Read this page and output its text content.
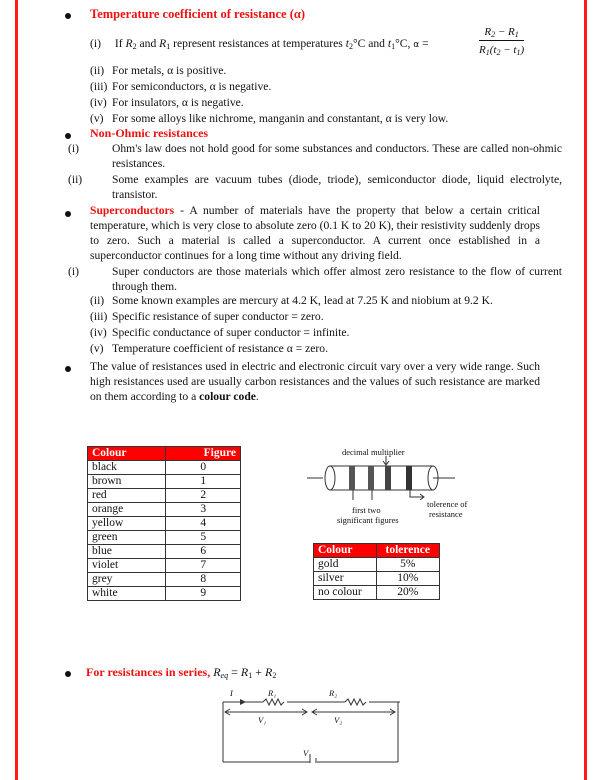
Temperature coefficient of resistance (α)
(i) If $R_2$ and $R_1$ represent resistances at temperatures $t_2^\circ C$ and $t_1^\circ C$, α =	$\frac{R_2 - R_1}{R_1(t_2 - t_1)}$
(ii) For metals, α is positive.
(iii) For semiconductors, α is negative.
(iv) For insulators, α is negative.
(v) For some alloys like nichrome, manganin and constantant, α is very low.
Non-Ohmic resistances
(i)	Ohm's law does not hold good for some substances and conductors. These are called non-ohmic resistances.
(ii)	Some examples are vacuum tubes (diode, triode), semiconductor diode, liquid electrolyte, transistor.
Superconductors - A number of materials have the property that below a certain critical temperature, which is very close to absolute zero (0.1 K to 20 K), their resistivity suddenly drops to zero. Such a material is called a superconductor. A current once established in a superconductor continues for a long time without any driving field.
(i)	Super conductors are those materials which offer almost zero resistance to the flow of current through them.
(ii) Some known examples are mercury at 4.2 K, lead at 7.25 K and niobium at 9.2 K.
(iii) Specific resistance of super conductor = zero.
(iv) Specific conductance of super conductor = infinite.
(v) Temperature coefficient of resistance α = zero.
The value of resistances used in electric and electronic circuit vary over a very wide range. Such high resistances used are usually carbon resistances and the values of such resistance are marked on them according to a colour code.
Colour	Figure
black	0
brown	1
red	2
orange	3
yellow	4
green	5
blue	6
violet	7
grey	8
white	9
decimal multiplier
first two
significant figures
tolerence of
resistance
Colour	tolerence
gold	5%
silver	10%
no colour	20%
For resistances in series, $R_{eq} = R_1 + R_2$
I	R₁	R₂
V₁	V₂
V
